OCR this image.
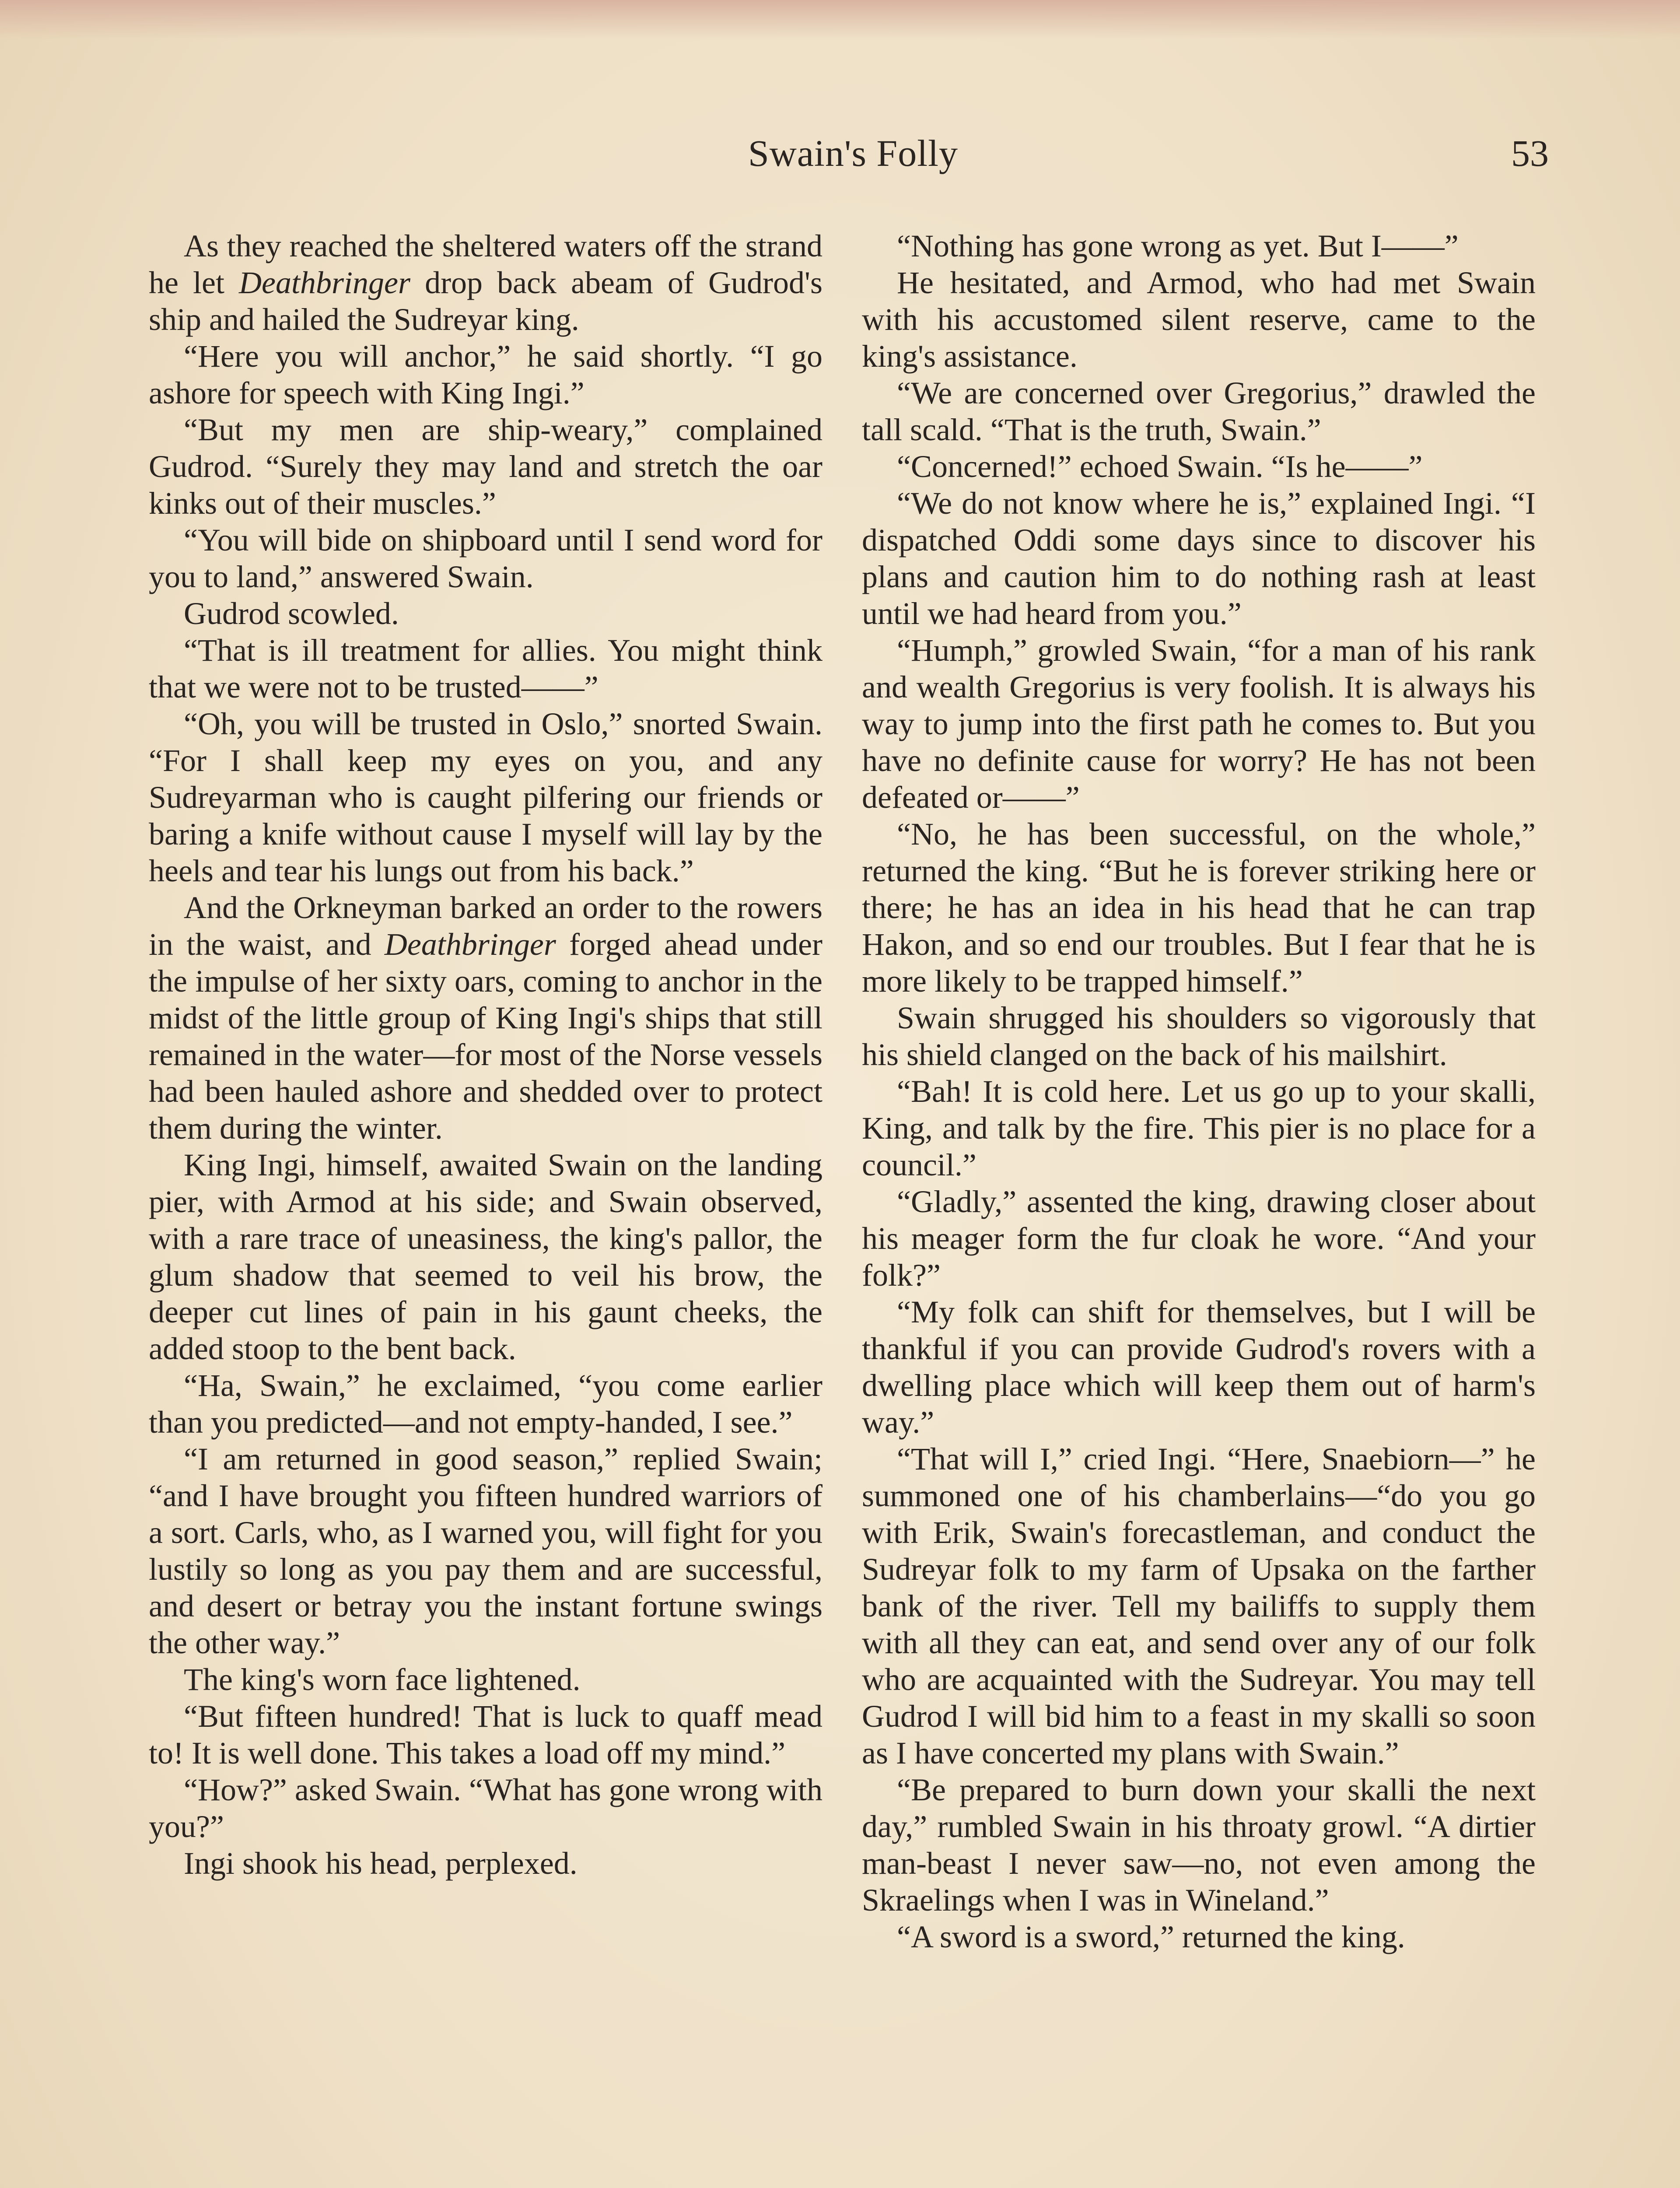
Swain's Folly	53

As they reached the sheltered waters off the strand he let Deathbringer drop back abeam of Gudrod's ship and hailed the Sudreyar king.

“Here you will anchor,” he said shortly. “I go ashore for speech with King Ingi.”

“But my men are ship-weary,” complained Gudrod. “Surely they may land and stretch the oar kinks out of their muscles.”

“You will bide on shipboard until I send word for you to land,” answered Swain.

Gudrod scowled.

“That is ill treatment for allies. You might think that we were not to be trusted——”

“Oh, you will be trusted in Oslo,” snorted Swain. “For I shall keep my eyes on you, and any Sudreyarman who is caught pilfering our friends or baring a knife without cause I myself will lay by the heels and tear his lungs out from his back.”

And the Orkneyman barked an order to the rowers in the waist, and Deathbringer forged ahead under the impulse of her sixty oars, coming to anchor in the midst of the little group of King Ingi's ships that still remained in the water—for most of the Norse vessels had been hauled ashore and shedded over to protect them during the winter.

King Ingi, himself, awaited Swain on the landing pier, with Armod at his side; and Swain observed, with a rare trace of uneasiness, the king's pallor, the glum shadow that seemed to veil his brow, the deeper cut lines of pain in his gaunt cheeks, the added stoop to the bent back.

“Ha, Swain,” he exclaimed, “you come earlier than you predicted—and not empty-handed, I see.”

“I am returned in good season,” replied Swain; “and I have brought you fifteen hundred warriors of a sort. Carls, who, as I warned you, will fight for you lustily so long as you pay them and are successful, and desert or betray you the instant fortune swings the other way.”

The king's worn face lightened.

“But fifteen hundred! That is luck to quaff mead to! It is well done. This takes a load off my mind.”

“How?” asked Swain. “What has gone wrong with you?”

Ingi shook his head, perplexed.

“Nothing has gone wrong as yet. But I——”

He hesitated, and Armod, who had met Swain with his accustomed silent reserve, came to the king's assistance.

“We are concerned over Gregorius,” drawled the tall scald. “That is the truth, Swain.”

“Concerned!” echoed Swain. “Is he——”

“We do not know where he is,” explained Ingi. “I dispatched Oddi some days since to discover his plans and caution him to do nothing rash at least until we had heard from you.”

“Humph,” growled Swain, “for a man of his rank and wealth Gregorius is very foolish. It is always his way to jump into the first path he comes to. But you have no definite cause for worry? He has not been defeated or——”

“No, he has been successful, on the whole,” returned the king. “But he is forever striking here or there; he has an idea in his head that he can trap Hakon, and so end our troubles. But I fear that he is more likely to be trapped himself.”

Swain shrugged his shoulders so vigorously that his shield clanged on the back of his mailshirt.

“Bah! It is cold here. Let us go up to your skalli, King, and talk by the fire. This pier is no place for a council.”

“Gladly,” assented the king, drawing closer about his meager form the fur cloak he wore. “And your folk?”

“My folk can shift for themselves, but I will be thankful if you can provide Gudrod's rovers with a dwelling place which will keep them out of harm's way.”

“That will I,” cried Ingi. “Here, Snaebiorn—” he summoned one of his chamberlains—“do you go with Erik, Swain's forecastleman, and conduct the Sudreyar folk to my farm of Upsaka on the farther bank of the river. Tell my bailiffs to supply them with all they can eat, and send over any of our folk who are acquainted with the Sudreyar. You may tell Gudrod I will bid him to a feast in my skalli so soon as I have concerted my plans with Swain.”

“Be prepared to burn down your skalli the next day,” rumbled Swain in his throaty growl. “A dirtier man-beast I never saw—no, not even among the Skraelings when I was in Wineland.”

“A sword is a sword,” returned the king.
